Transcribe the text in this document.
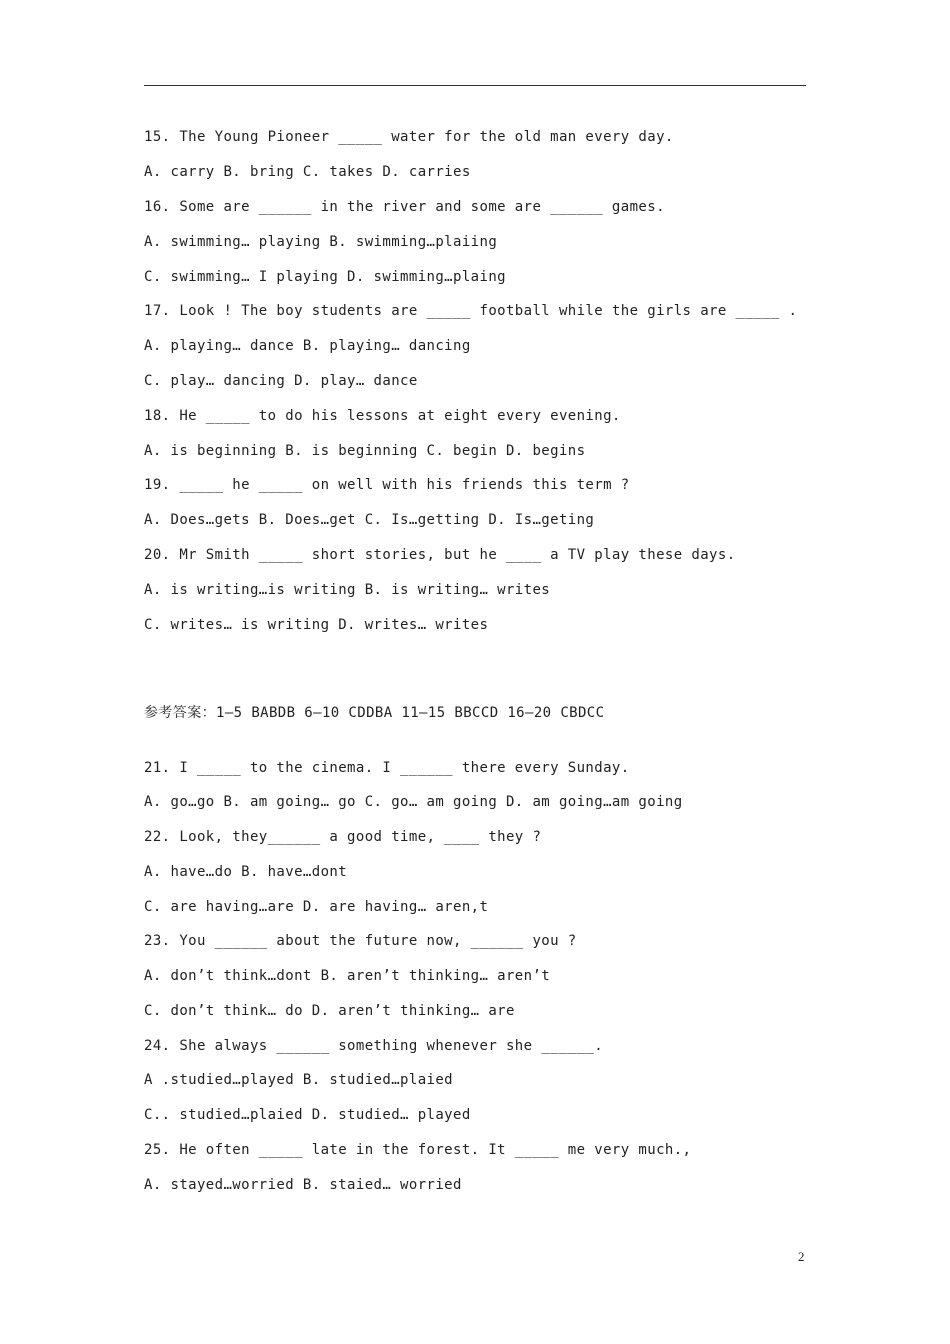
15. The Young Pioneer _____ water for the old man every day.
A. carry B. bring C. takes D. carries
16. Some are ______ in the river and some are ______ games.
A. swimming… playing B. swimming…plaiing
C. swimming… I playing D. swimming…plaing
17. Look ! The boy students are _____ football while the girls are _____ .
A. playing… dance B. playing… dancing
C. play… dancing D. play… dance
18. He _____ to do his lessons at eight every evening.
A. is beginning B. is beginning C. begin D. begins
19. _____ he _____ on well with his friends this term ?
A. Does…gets B. Does…get C. Is…getting D. Is…geting
20. Mr Smith _____ short stories, but he ____ a TV play these days.
A. is writing…is writing B. is writing… writes
C. writes… is writing D. writes… writes
参考答案：1—5 BABDB 6—10 CDDBA 11—15 BBCCD 16—20 CBDCC
21. I _____ to the cinema. I ______ there every Sunday.
A. go…go B. am going… go C. go… am going D. am going…am going
22. Look, they______ a good time, ____ they ?
A. have…do B. have…dont
C. are having…are D. are having… aren,t
23. You ______ about the future now, ______ you ?
A. don’t think…dont B. aren’t thinking… aren’t
C. don’t think… do D. aren’t thinking… are
24. She always ______ something whenever she ______.
A .studied…played B. studied…plaied
C.. studied…plaied D. studied… played
25. He often _____ late in the forest. It _____ me very much.,
A. stayed…worried B. staied… worried
2
